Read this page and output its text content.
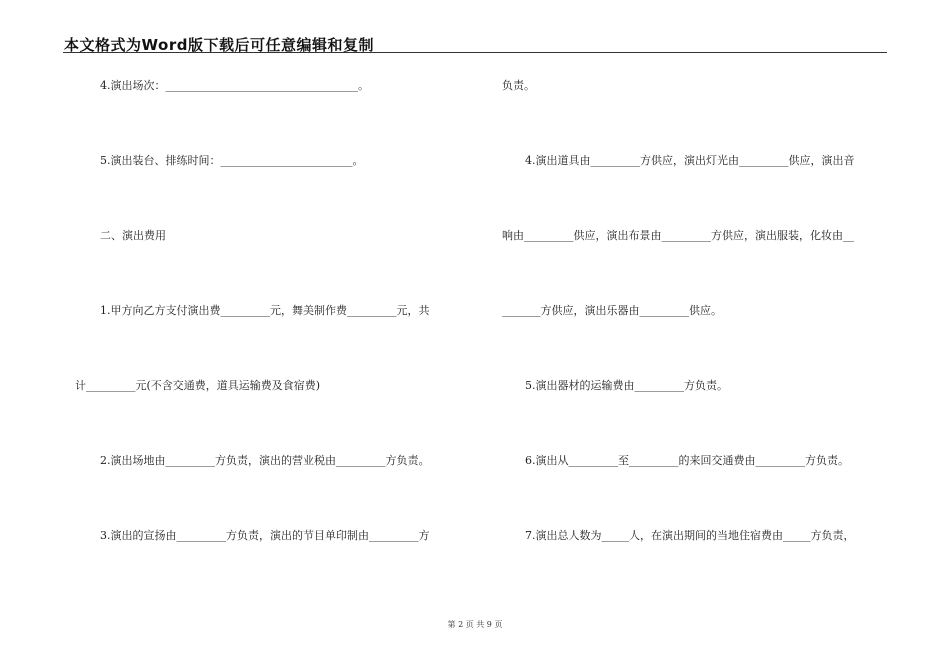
本文格式为Word版下载后可任意编辑和复制
4.演出场次：___________________________________。
5.演出装台、排练时间：________________________。
二、演出费用
1.甲方向乙方支付演出费_________元，舞美制作费_________元，共
计_________元(不含交通费，道具运输费及食宿费)
2.演出场地由_________方负责，演出的营业税由_________方负责。
3.演出的宣扬由_________方负责，演出的节目单印制由_________方
负责。
4.演出道具由_________方供应，演出灯光由_________供应，演出音
响由_________供应，演出布景由_________方供应，演出服装，化妆由__
_______方供应，演出乐器由_________供应。
5.演出器材的运输费由_________方负责。
6.演出从_________至_________的来回交通费由_________方负责。
7.演出总人数为_____人，在演出期间的当地住宿费由_____方负责，
第 2 页 共 9 页
